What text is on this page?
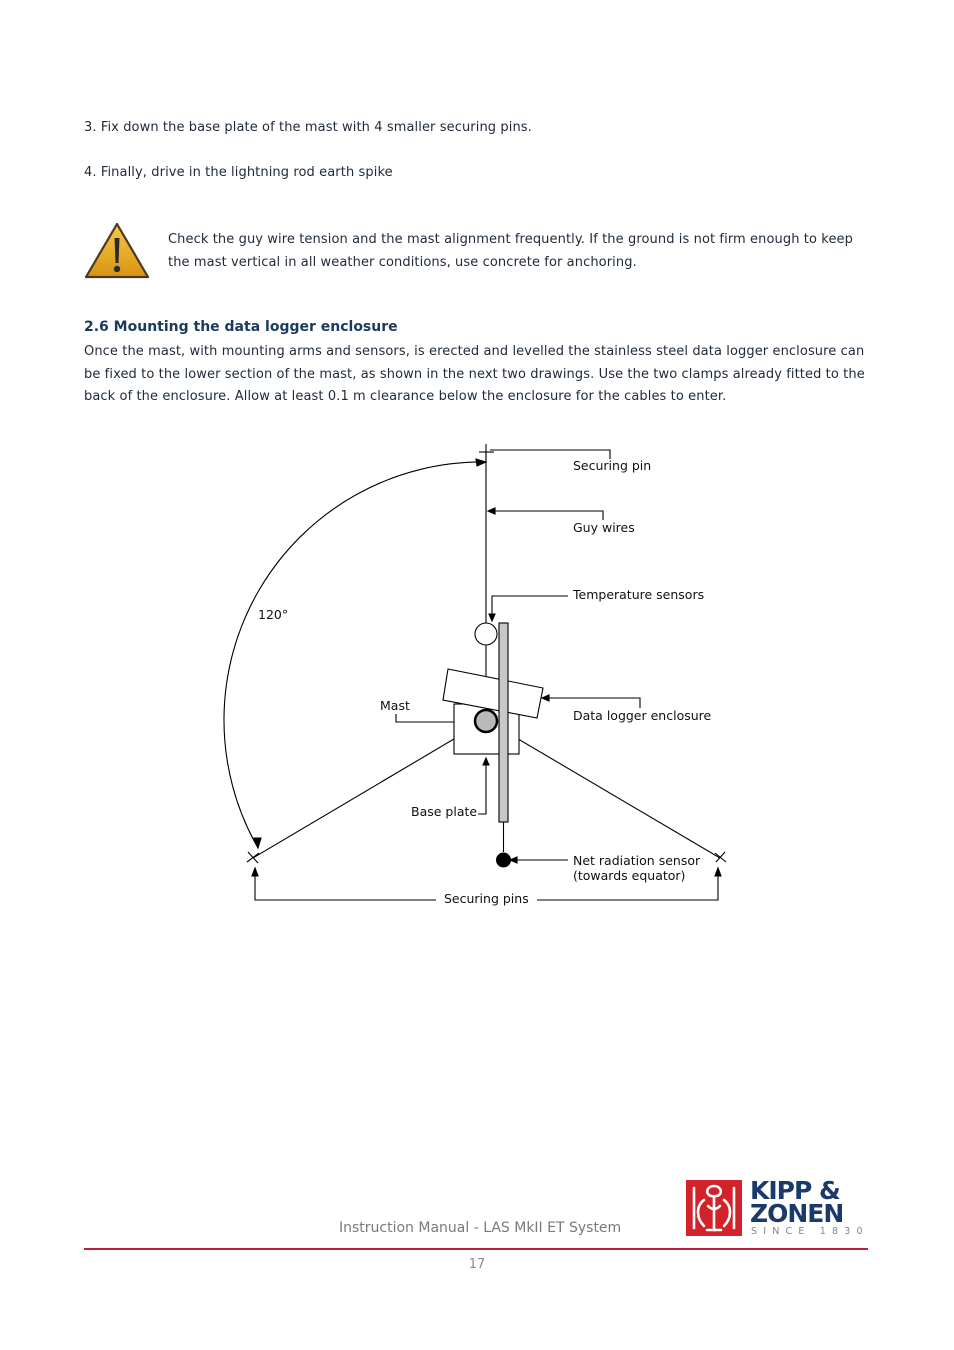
3. Fix down the base plate of the mast with 4 smaller securing pins.
4. Finally, drive in the lightning rod earth spike
Check the guy wire tension and the mast alignment frequently. If the ground is not firm enough to keep the mast vertical in all weather conditions, use concrete for anchoring.
2.6 Mounting the data logger enclosure
Once the mast, with mounting arms and sensors, is erected and levelled the stainless steel data logger enclosure can be fixed to the lower section of the mast, as shown in the next two drawings. Use the two clamps already fitted to the back of the enclosure. Allow at least 0.1 m clearance below the enclosure for the cables to enter.
Securing pin
Guy wires
Temperature sensors
120°
Mast
Data logger enclosure
Base plate
Net radiation sensor
(towards equator)
Securing pins
Instruction Manual - LAS MkII ET System
17
KIPP &
ZONEN
SINCE 1830
